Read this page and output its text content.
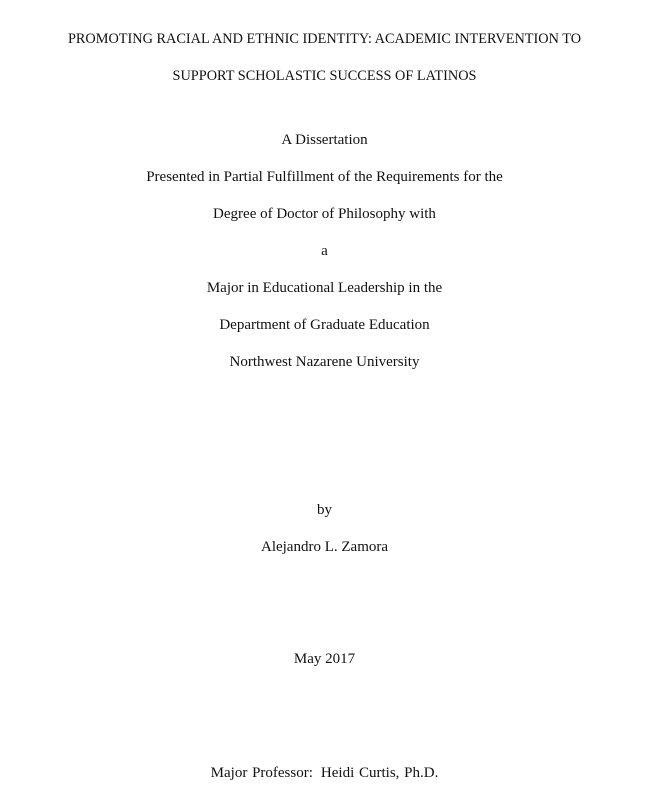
PROMOTING RACIAL AND ETHNIC IDENTITY: ACADEMIC INTERVENTION TO
SUPPORT SCHOLASTIC SUCCESS OF LATINOS
A Dissertation
Presented in Partial Fulfillment of the Requirements for the
Degree of Doctor of Philosophy with
a
Major in Educational Leadership in the
Department of Graduate Education
Northwest Nazarene University
by
Alejandro L. Zamora
May 2017
Major Professor: Heidi Curtis, Ph.D.
